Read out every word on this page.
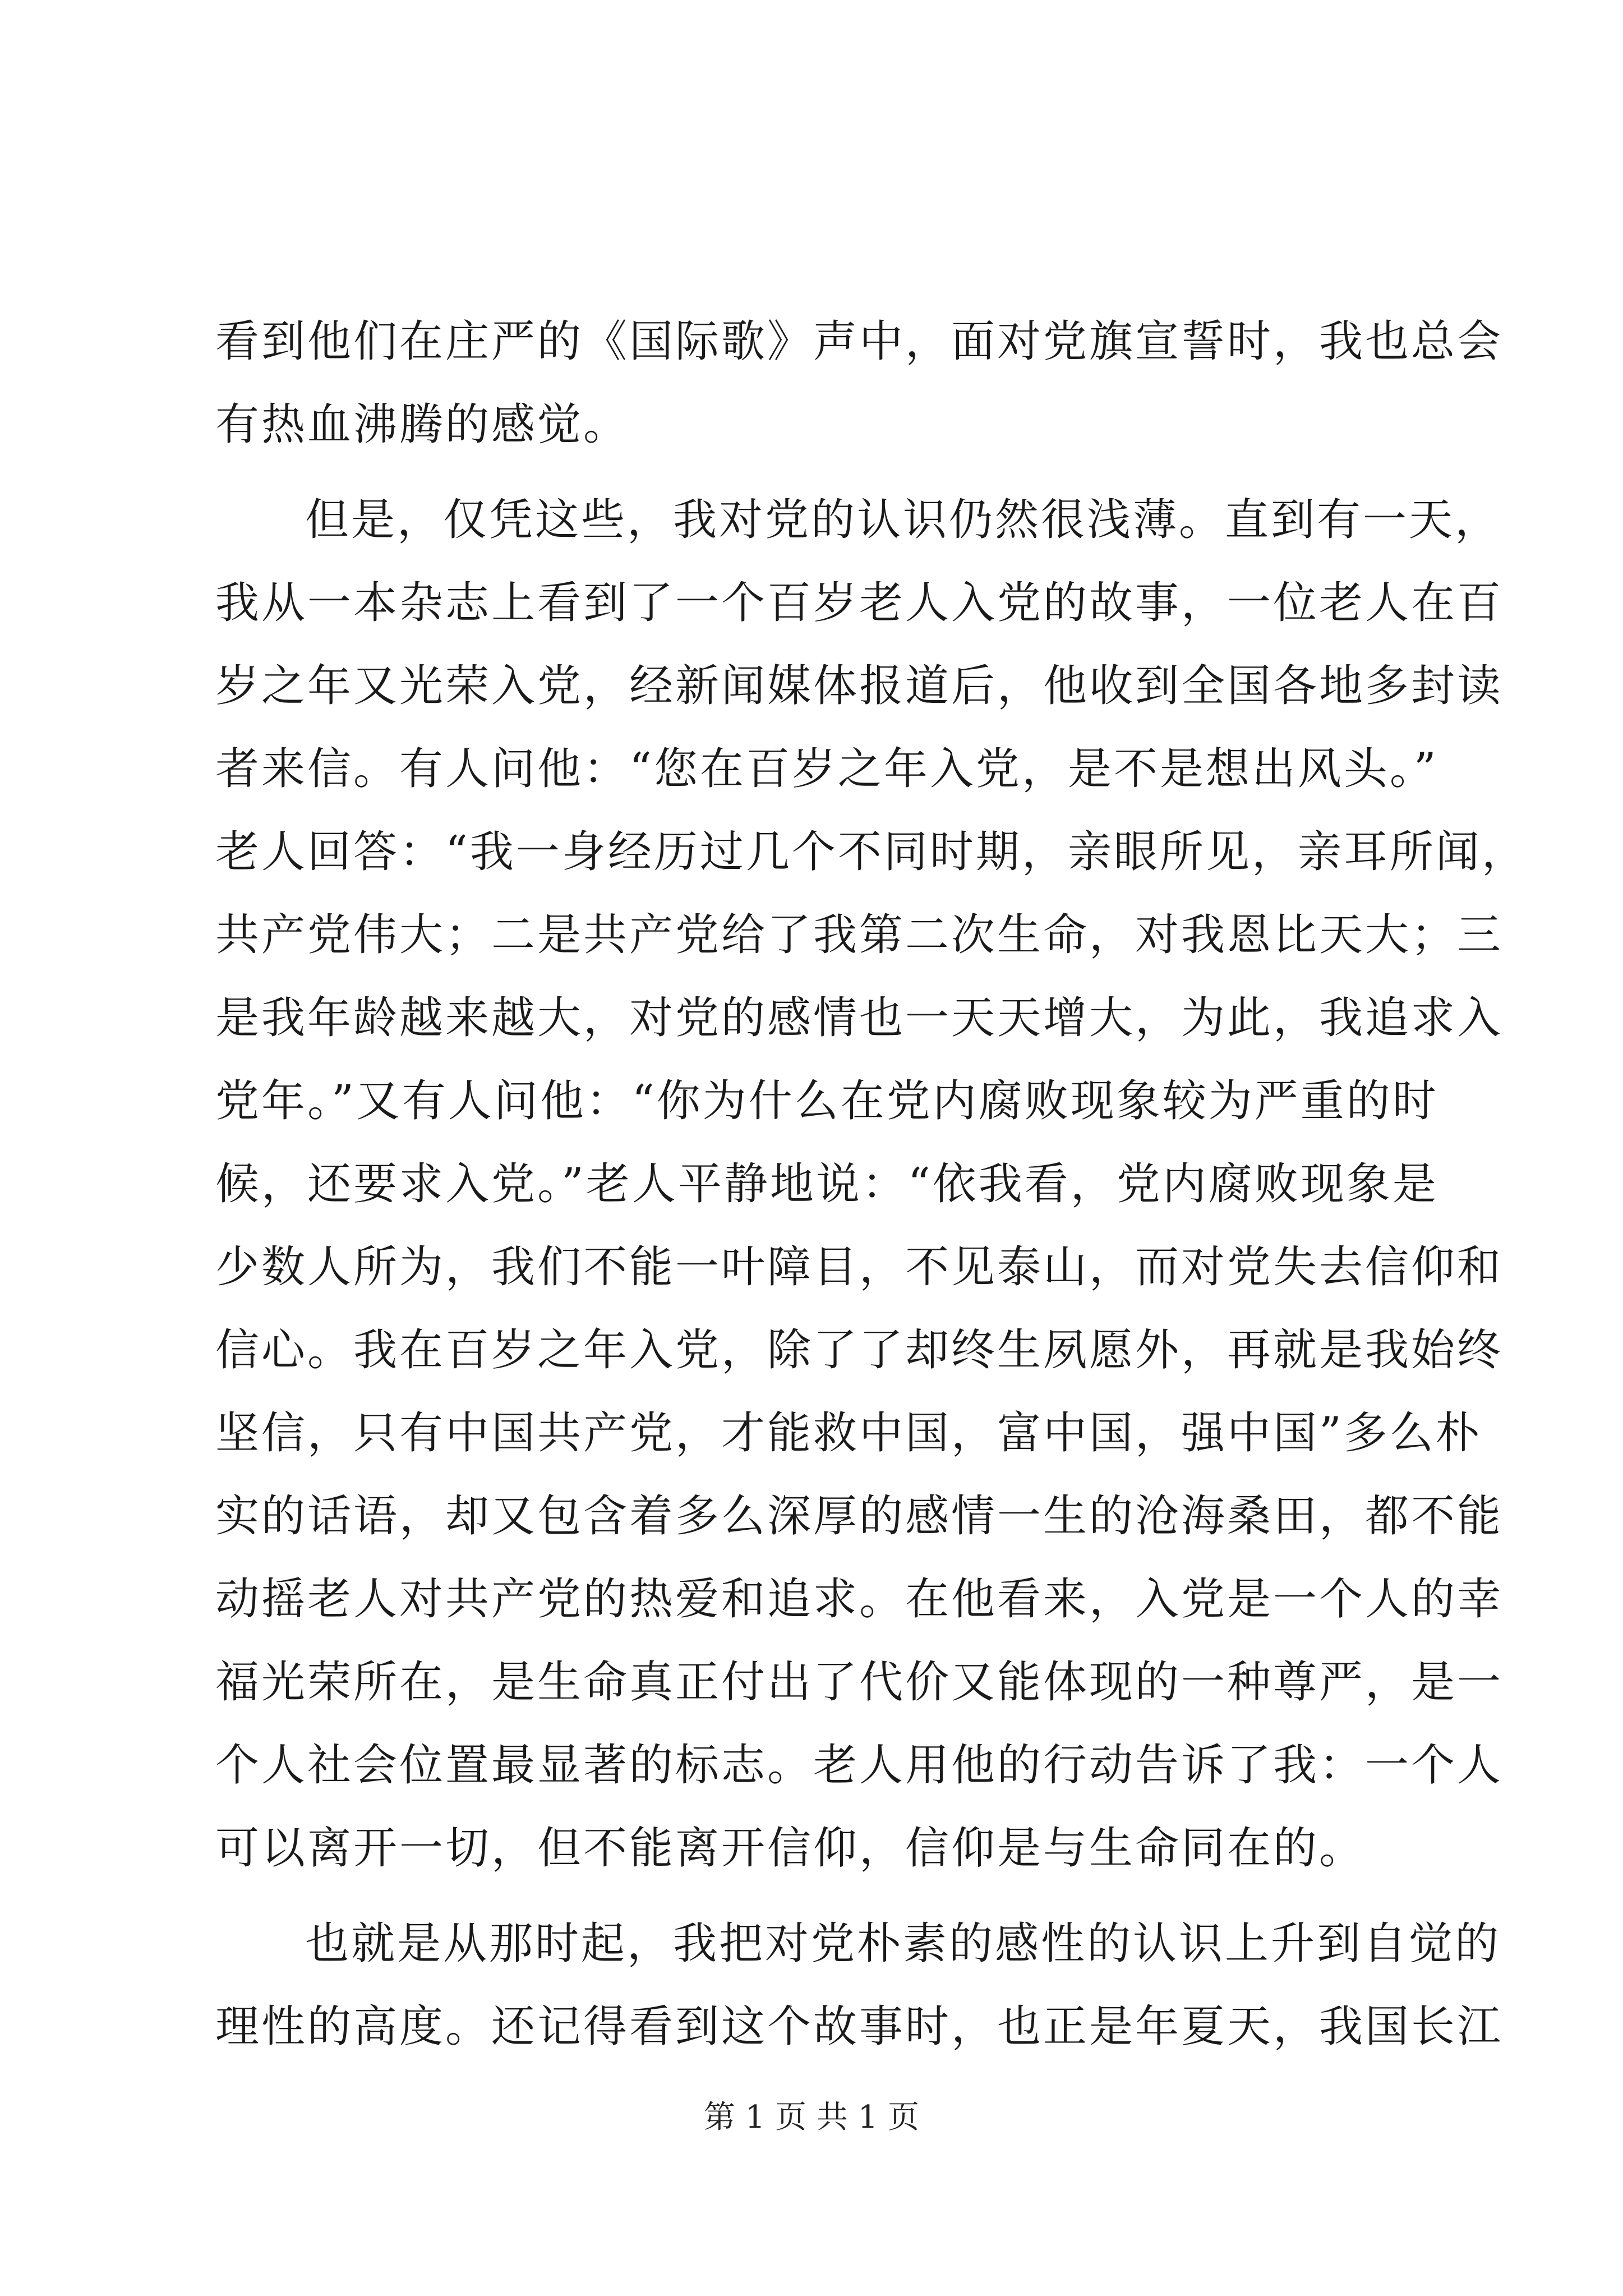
看到他们在庄严的《国际歌》声中，面对党旗宣誓时，我也总会
有热血沸腾的感觉。
但是，仅凭这些，我对党的认识仍然很浅薄。直到有一天，
我从一本杂志上看到了一个百岁老人入党的故事，一位老人在百
岁之年又光荣入党，经新闻媒体报道后，他收到全国各地多封读
者来信。有人问他：“您在百岁之年入党，是不是想出风头。”
老人回答：“我一身经历过几个不同时期，亲眼所见，亲耳所闻，
共产党伟大；二是共产党给了我第二次生命，对我恩比天大；三
是我年龄越来越大，对党的感情也一天天增大，为此，我追求入
党年。”又有人问他：“你为什么在党内腐败现象较为严重的时
候，还要求入党。”老人平静地说：“依我看，党内腐败现象是
少数人所为，我们不能一叶障目，不见泰山，而对党失去信仰和
信心。我在百岁之年入党，除了了却终生夙愿外，再就是我始终
坚信，只有中国共产党，才能救中国，富中国，强中国”多么朴
实的话语，却又包含着多么深厚的感情一生的沧海桑田，都不能
动摇老人对共产党的热爱和追求。在他看来，入党是一个人的幸
福光荣所在，是生命真正付出了代价又能体现的一种尊严，是一
个人社会位置最显著的标志。老人用他的行动告诉了我：一个人
可以离开一切，但不能离开信仰，信仰是与生命同在的。
也就是从那时起，我把对党朴素的感性的认识上升到自觉的
理性的高度。还记得看到这个故事时，也正是年夏天，我国长江
第 1 页 共 1 页
